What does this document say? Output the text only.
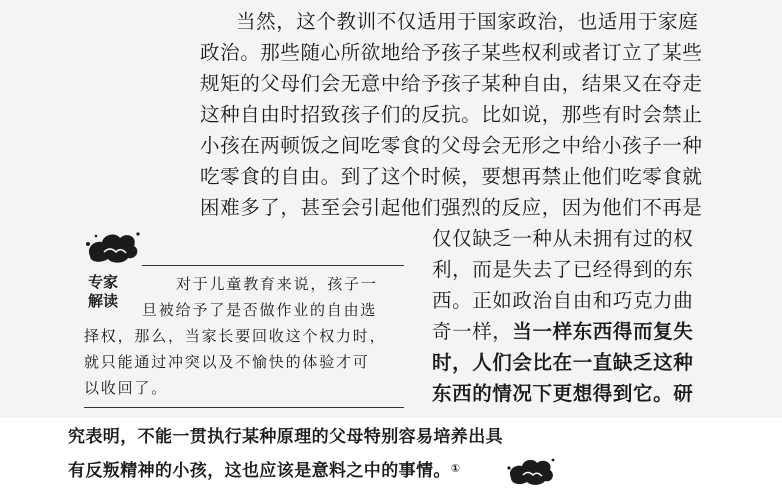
当然，这个教训不仅适用于国家政治，也适用于家庭
政治。那些随心所欲地给予孩子某些权利或者订立了某些
规矩的父母们会无意中给予孩子某种自由，结果又在夺走
这种自由时招致孩子们的反抗。比如说，那些有时会禁止
小孩在两顿饭之间吃零食的父母会无形之中给小孩子一种
吃零食的自由。到了这个时候，要想再禁止他们吃零食就
困难多了，甚至会引起他们强烈的反应，因为他们不再是
仅仅缺乏一种从未拥有过的权
利，而是失去了已经得到的东
西。正如政治自由和巧克力曲
奇一样，当一样东西得而复失
时，人们会比在一直缺乏这种
东西的情况下更想得到它。研
专家
解读
对于儿童教育来说，孩子一
旦被给予了是否做作业的自由选
择权，那么，当家长要回收这个权力时，
就只能通过冲突以及不愉快的体验才可
以收回了。
究表明，不能一贯执行某种原理的父母特别容易培养出具
有反叛精神的小孩，这也应该是意料之中的事情。①
